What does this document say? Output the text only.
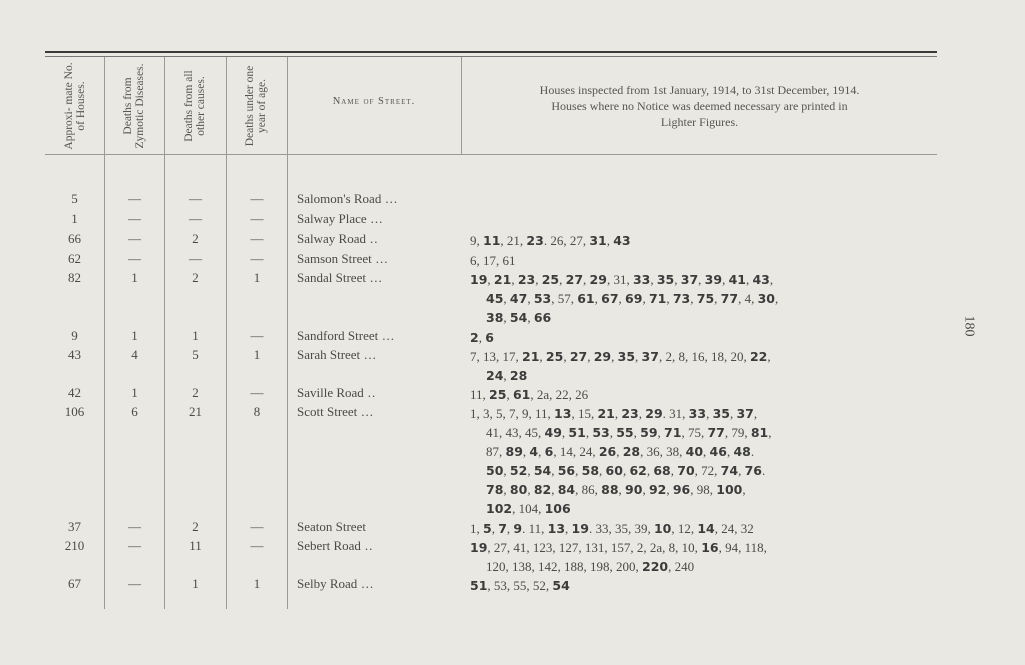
Approxi- mate No. of Houses.	Deaths from Zymotic Diseases.	Deaths from all other causes.	Deaths under one year of age.	Name of Street.
Houses inspected from 1st January, 1914, to 31st December, 1914.
Houses where no Notice was deemed necessary are printed in
Lighter Figures.
5	—	—	—	Salomon's Road ...
1	—	—	—	Salway Place ...
66	—	2	—	Salway Road ..	9, 11, 21, 23. 26, 27, 31, 43
62	—	—	—	Samson Street ...	6, 17, 61
82	1	2	1	Sandal Street ...	19, 21, 23, 25, 27, 29, 31, 33, 35, 37, 39, 41, 43,
45, 47, 53, 57, 61, 67, 69, 71, 73, 75, 77, 4, 30,
38, 54, 66
9	1	1	—	Sandford Street ...	2, 6
43	4	5	1	Sarah Street ...	7, 13, 17, 21, 25, 27, 29, 35, 37, 2, 8, 16, 18, 20, 22,
24, 28
42	1	2	—	Saville Road ..	11, 25, 61, 2a, 22, 26
106	6	21	8	Scott Street ...	1, 3, 5, 7, 9, 11, 13, 15, 21, 23, 29. 31, 33, 35, 37,
41, 43, 45, 49, 51, 53, 55, 59, 71, 75, 77, 79, 81,
87, 89, 4, 6, 14, 24, 26, 28, 36, 38, 40, 46, 48.
50, 52, 54, 56, 58, 60, 62, 68, 70, 72, 74, 76.
78, 80, 82, 84, 86, 88, 90, 92, 96, 98, 100,
102, 104, 106
37	—	2	—	Seaton Street	1, 5, 7, 9. 11, 13, 19. 33, 35, 39, 10, 12, 14, 24, 32
210	—	11	—	Sebert Road ..	19, 27, 41, 123, 127, 131, 157, 2, 2a, 8, 10, 16, 94, 118,
120, 138, 142, 188, 198, 200, 220, 240
67	—	1	1	Selby Road ...	51, 53, 55, 52, 54
180
